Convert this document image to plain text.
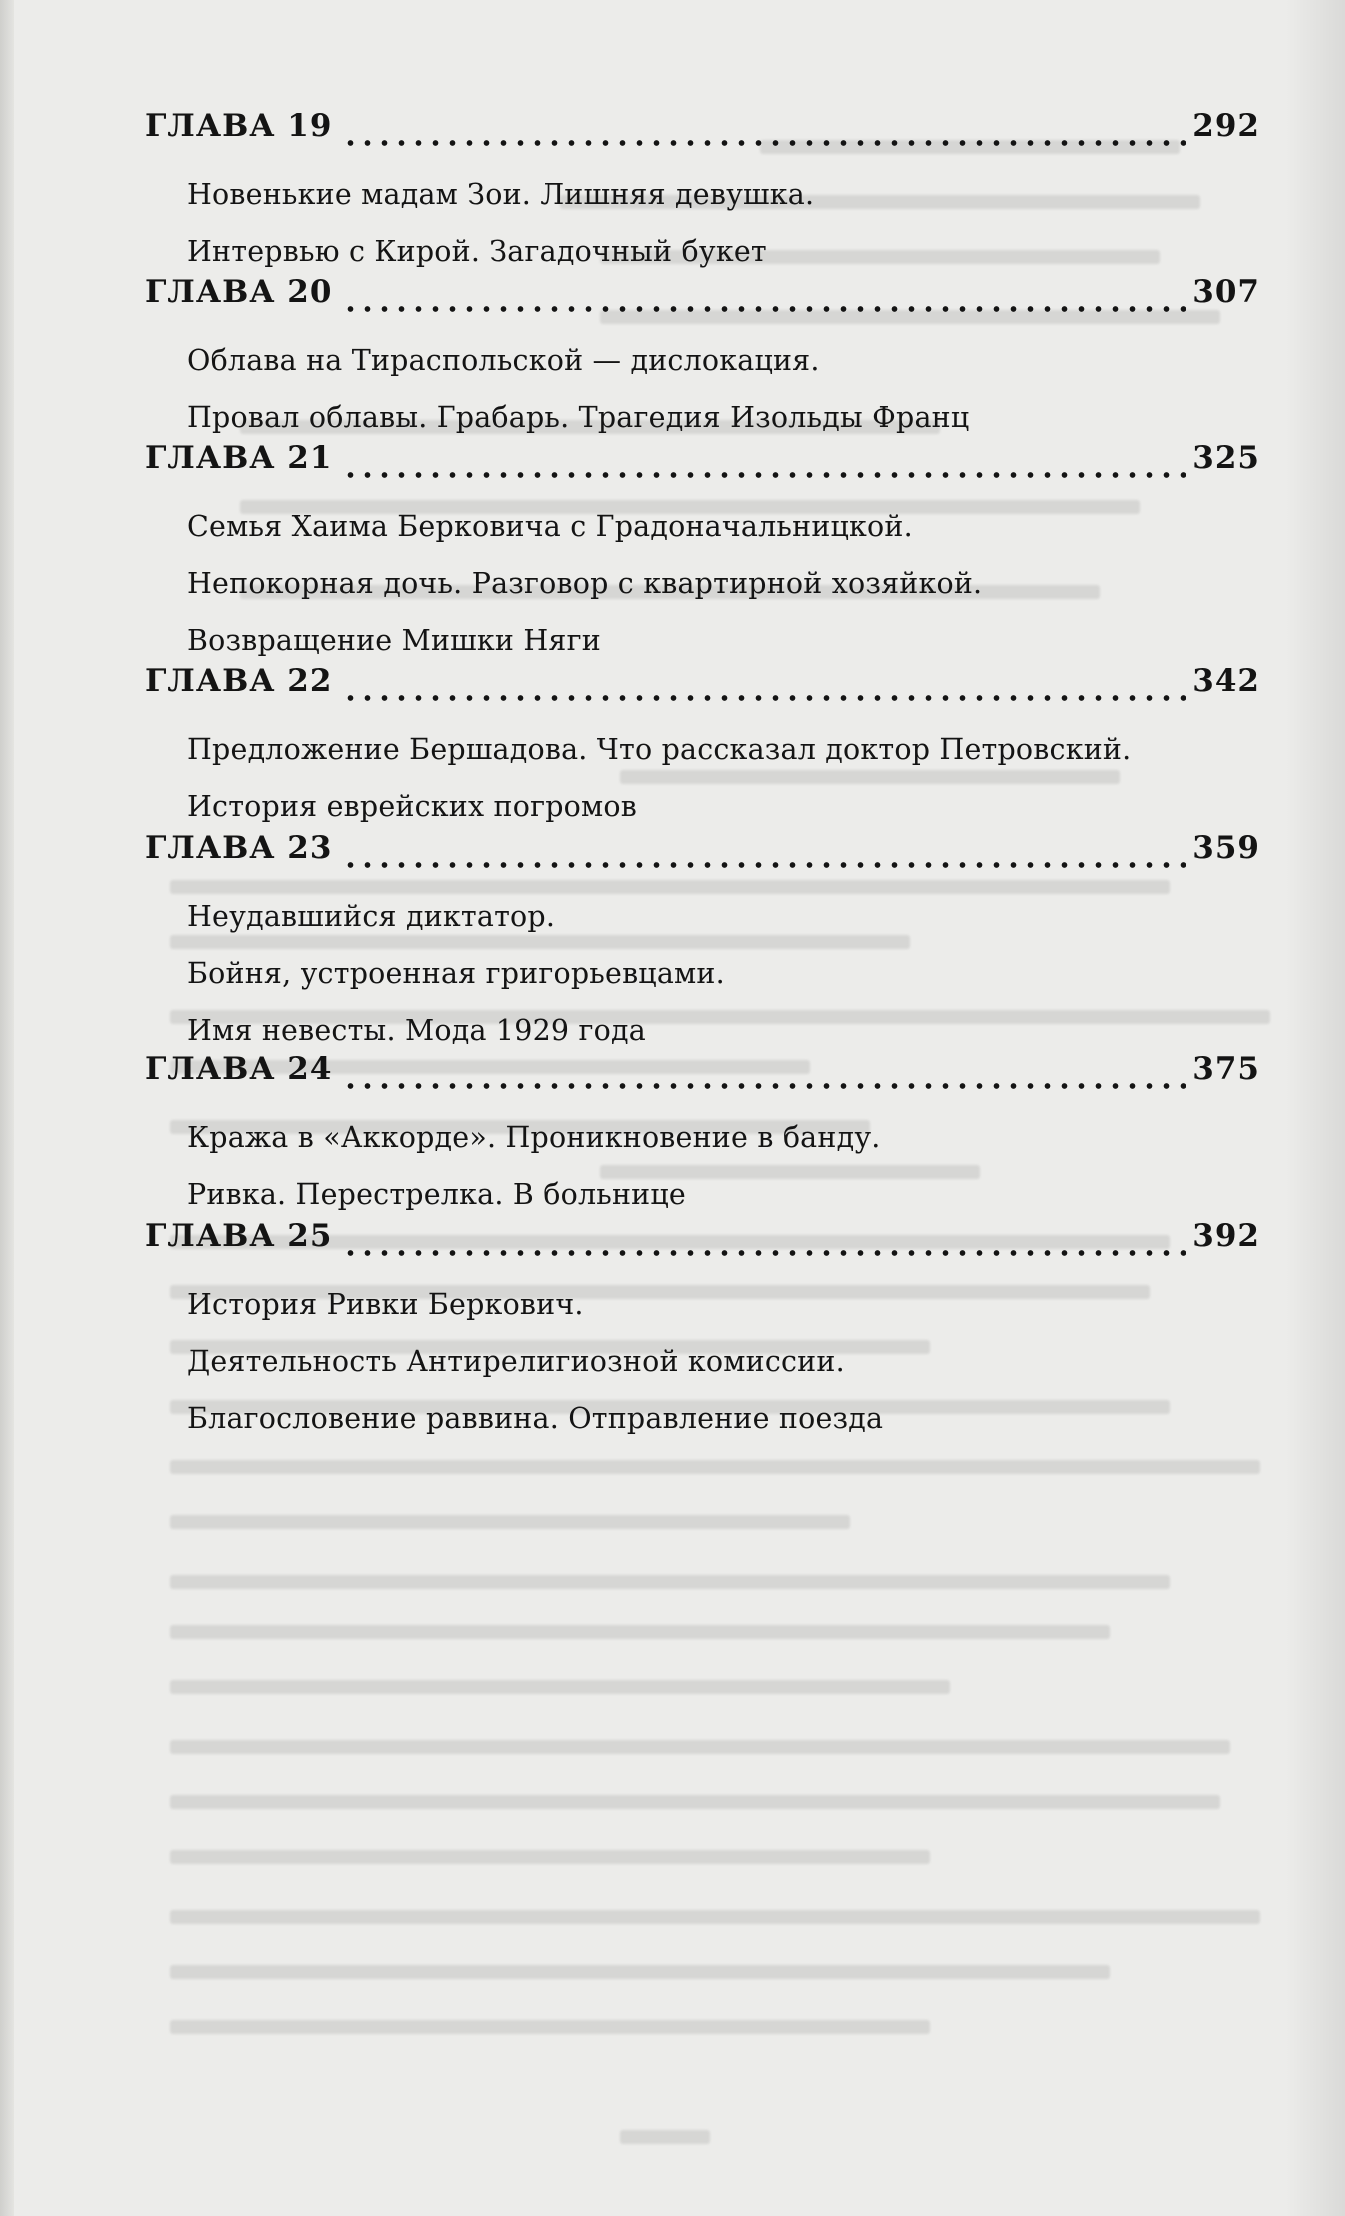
ГЛАВА 19	292
Новенькие мадам Зои. Лишняя девушка.
Интервью с Кирой. Загадочный букет
ГЛАВА 20	307
Облава на Тираспольской — дислокация.
Провал облавы. Грабарь. Трагедия Изольды Франц
ГЛАВА 21	325
Семья Хаима Берковича с Градоначальницкой.
Непокорная дочь. Разговор с квартирной хозяйкой.
Возвращение Мишки Няги
ГЛАВА 22	342
Предложение Бершадова. Что рассказал доктор Петровский.
История еврейских погромов
ГЛАВА 23	359
Неудавшийся диктатор.
Бойня, устроенная григорьевцами.
Имя невесты. Мода 1929 года
ГЛАВА 24	375
Кража в «Аккорде». Проникновение в банду.
Ривка. Перестрелка. В больнице
ГЛАВА 25	392
История Ривки Беркович.
Деятельность Антирелигиозной комиссии.
Благословение раввина. Отправление поезда
